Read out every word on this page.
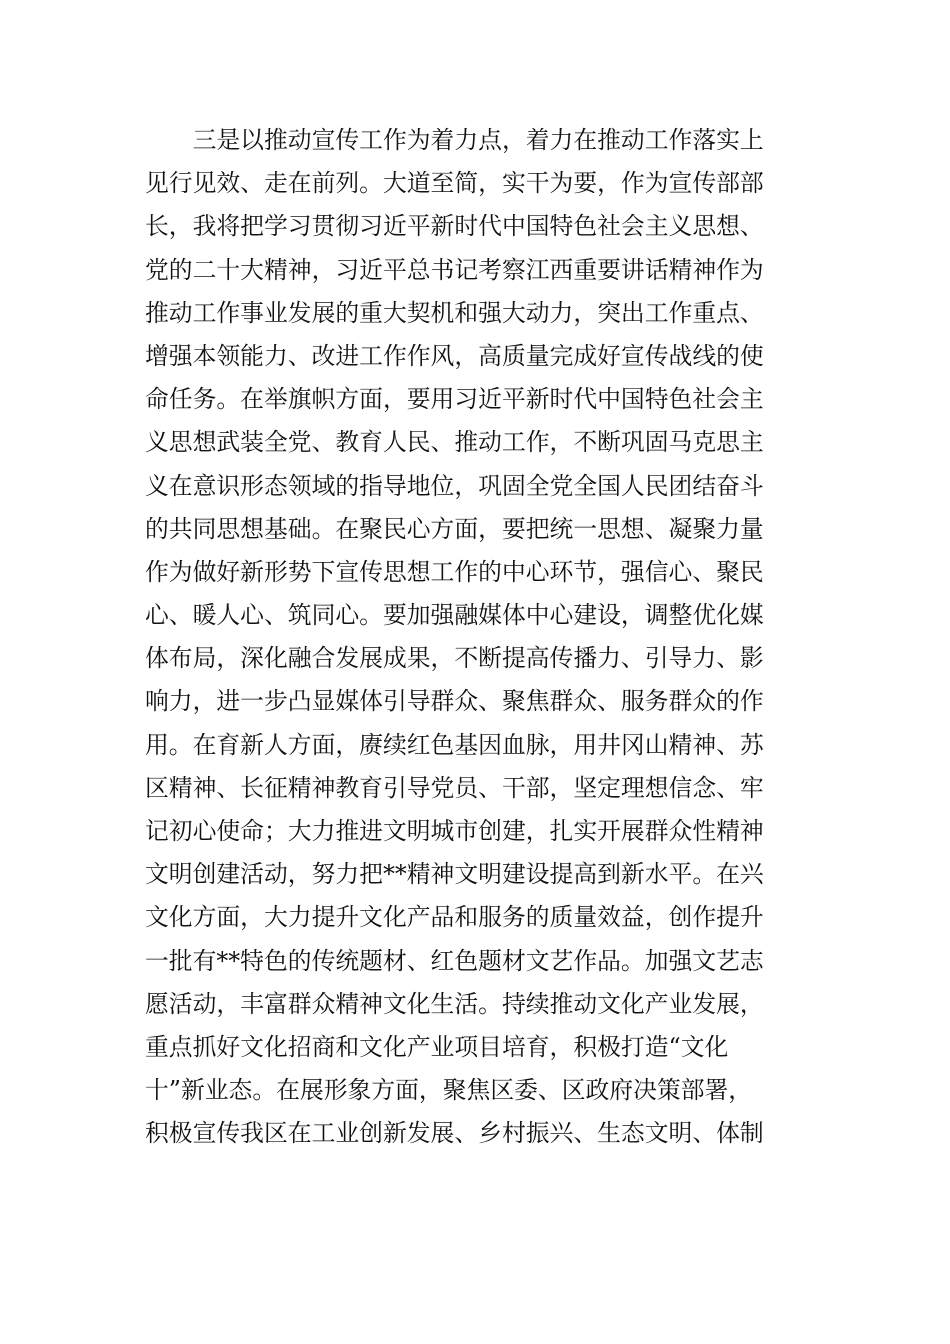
　　三是以推动宣传工作为着力点，着力在推动工作落实上
见行见效、走在前列。大道至简，实干为要，作为宣传部部
长，我将把学习贯彻习近平新时代中国特色社会主义思想、
党的二十大精神，习近平总书记考察江西重要讲话精神作为
推动工作事业发展的重大契机和强大动力，突出工作重点、
增强本领能力、改进工作作风，高质量完成好宣传战线的使
命任务。在举旗帜方面，要用习近平新时代中国特色社会主
义思想武装全党、教育人民、推动工作，不断巩固马克思主
义在意识形态领域的指导地位，巩固全党全国人民团结奋斗
的共同思想基础。在聚民心方面，要把统一思想、凝聚力量
作为做好新形势下宣传思想工作的中心环节，强信心、聚民
心、暖人心、筑同心。要加强融媒体中心建设，调整优化媒
体布局，深化融合发展成果，不断提高传播力、引导力、影
响力，进一步凸显媒体引导群众、聚焦群众、服务群众的作
用。在育新人方面，赓续红色基因血脉，用井冈山精神、苏
区精神、长征精神教育引导党员、干部，坚定理想信念、牢
记初心使命；大力推进文明城市创建，扎实开展群众性精神
文明创建活动，努力把**精神文明建设提高到新水平。在兴
文化方面，大力提升文化产品和服务的质量效益，创作提升
一批有**特色的传统题材、红色题材文艺作品。加强文艺志
愿活动，丰富群众精神文化生活。持续推动文化产业发展，
重点抓好文化招商和文化产业项目培育，积极打造“文化
十”新业态。在展形象方面，聚焦区委、区政府决策部署，
积极宣传我区在工业创新发展、乡村振兴、生态文明、体制
